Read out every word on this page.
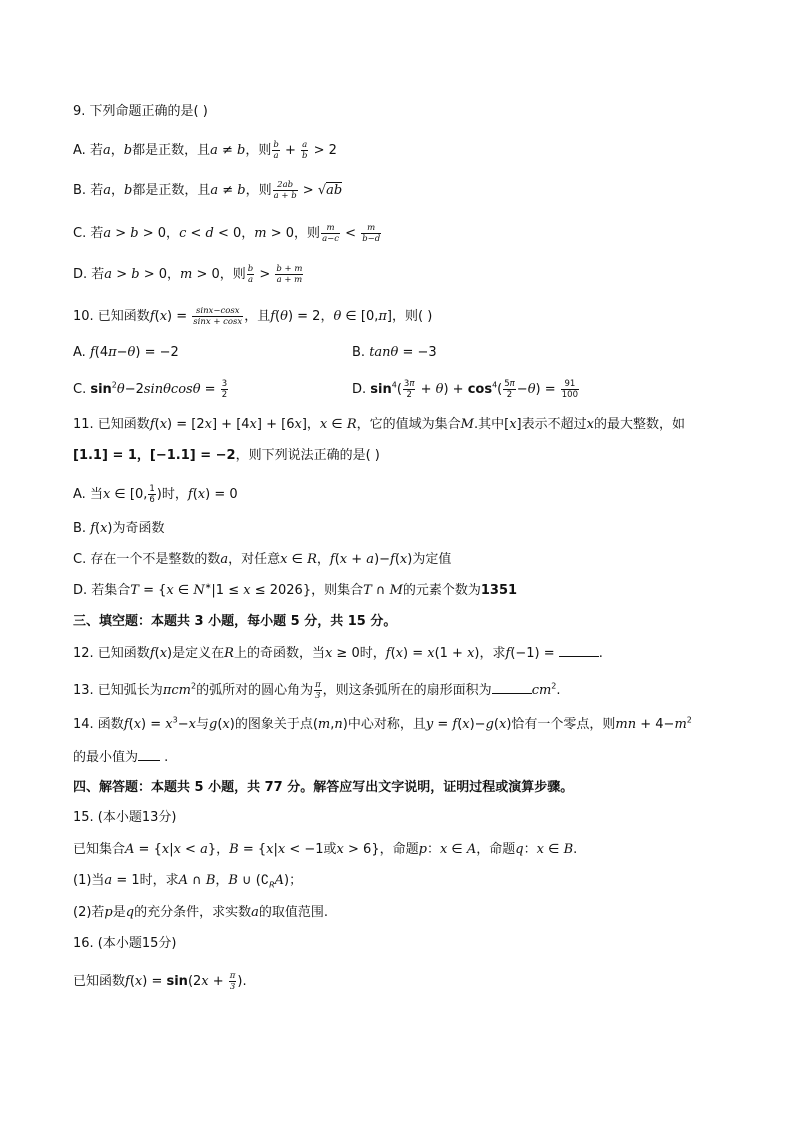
9. 下列命题正确的是( )
A. 若a，b都是正数，且a ≠ b，则 $\frac{b}{a} + \frac{a}{b} > 2$
B. 若a，b都是正数，且a ≠ b，则 $\frac{2ab}{a + b} > √ab$
C. 若a > b > 0，c < d < 0，m > 0，则 $\frac{m}{a-c} < \frac{m}{b-d}$
D. 若a > b > 0，m > 0，则 $\frac{b}{a} > \frac{b + m}{a + m}$
10. 已知函数$f(x) = \frac{\sin x-\cos x}{\sin x + \cos x}$ ，且f(θ) = 2，θ ∈ [0,π]，则( )
A. f(4π−θ) = −2	B. tanθ = −3
C. $\sin^2\theta-2\sin\theta\cos\theta = \frac{3}{2}$	D. $\sin^4( \frac{3\pi}{2} + \theta) + \cos^4( \frac{5\pi}{2} -\theta) = \frac{91}{100}$
11. 已知函数f(x) = [2x] + [4x] + [6x]，x ∈ R，它的值域为集合M.其中[x]表示不超过x的最大整数，如
[1.1] = 1，[−1.1] = −2，则下列说法正确的是( )
A. 当x ∈ [0, $\frac{1}{6}$ )时，f(x) = 0
B. f(x)为奇函数
C. 存在一个不是整数的数a，对任意x ∈ R，f(x + a)−f(x)为定值
D. 若集合T = {x ∈ N∗|1 ≤ x ≤ 2026}，则集合T ∩ M的元素个数为1351
三、填空题：本题共 3 小题，每小题 5 分，共 15 分。
12. 已知函数f(x)是定义在R上的奇函数，当x ≥ 0时，f(x) = x(1 + x)，求f(−1) =	.
13. 已知弧长为πcm$^2$的弧所对的圆心角为 $\frac{\pi}{3}$ ，则这条弧所在的扇形面积为	$cm^2$.
14. 函数$f(x) = x^3-x$与g(x)的图象关于点(m,n)中心对称，且y = f(x)−g(x)恰有一个零点，则mn + $4-m^2$
的最小值为 .
四、解答题：本题共 5 小题，共 77 分。解答应写出文字说明，证明过程或演算步骤。
15. (本小题13分)
已知集合A = {x|x < a}，B = {x|x < −1或x > 6}，命题p：x ∈ A，命题q：x ∈ B.
(1)当a = 1时，求A ∩ B，B ∪ $(∁_RA)$；
(2)若p是q的充分条件，求实数a的取值范围.
16. (本小题15分)
已知函数$f(x) = \sin(2x + \frac{\pi}{3}$ ).
